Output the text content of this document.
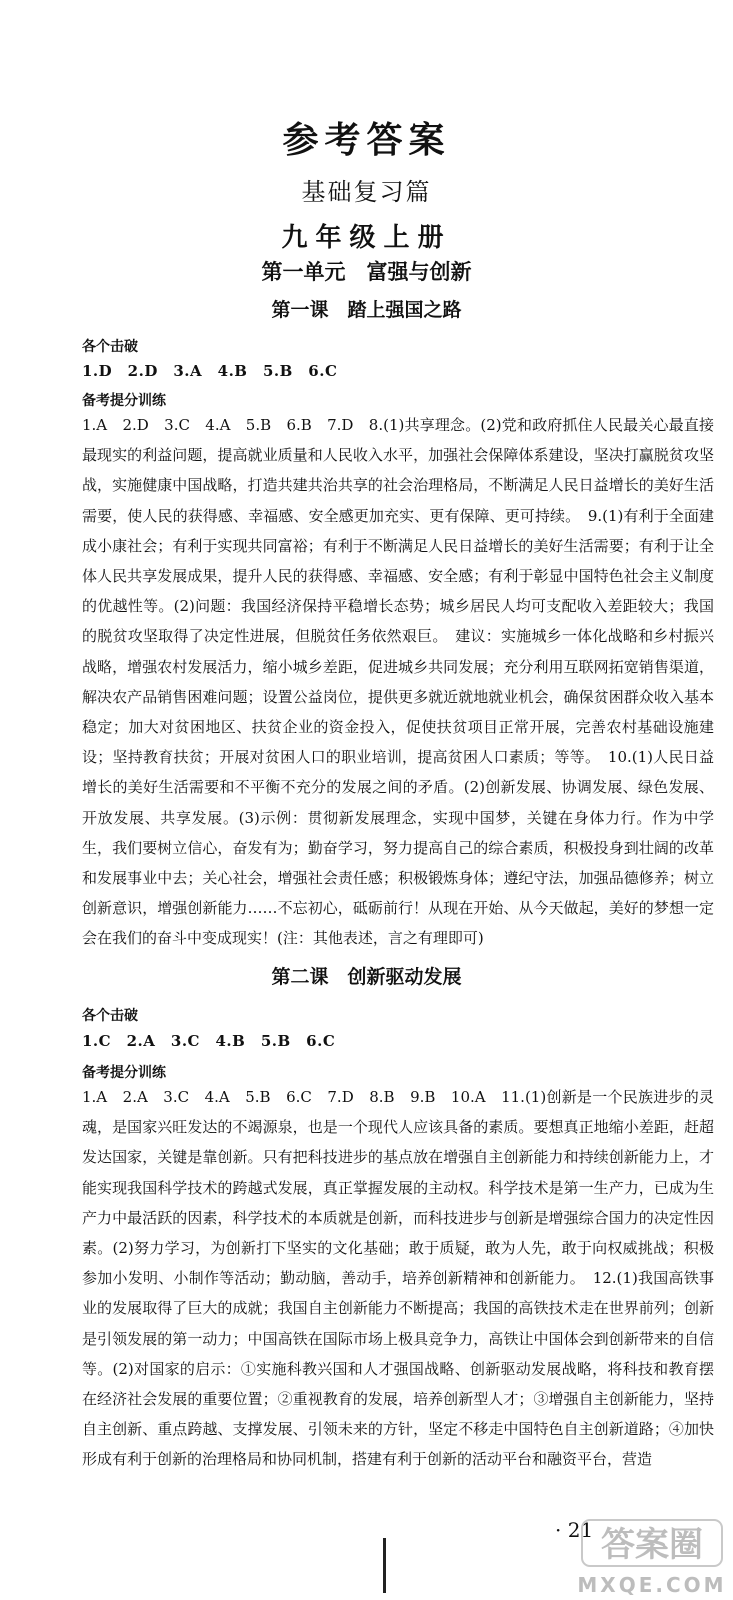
参考答案
基础复习篇
九年级上册
第一单元　富强与创新
第一课　踏上强国之路
各个击破
1.D　2.D　3.A　4.B　5.B　6.C
备考提分训练
1.A　2.D　3.C　4.A　5.B　6.B　7.D　8.(1)共享理念。(2)党和政府抓住人民最关心最直接最现实的利益问题，提高就业质量和人民收入水平，加强社会保障体系建设，坚决打赢脱贫攻坚战，实施健康中国战略，打造共建共治共享的社会治理格局，不断满足人民日益增长的美好生活需要，使人民的获得感、幸福感、安全感更加充实、更有保障、更可持续。　9.(1)有利于全面建成小康社会；有利于实现共同富裕；有利于不断满足人民日益增长的美好生活需要；有利于让全体人民共享发展成果，提升人民的获得感、幸福感、安全感；有利于彰显中国特色社会主义制度的优越性等。(2)问题：我国经济保持平稳增长态势；城乡居民人均可支配收入差距较大；我国的脱贫攻坚取得了决定性进展，但脱贫任务依然艰巨。　建议：实施城乡一体化战略和乡村振兴战略，增强农村发展活力，缩小城乡差距，促进城乡共同发展；充分利用互联网拓宽销售渠道，解决农产品销售困难问题；设置公益岗位，提供更多就近就地就业机会，确保贫困群众收入基本稳定；加大对贫困地区、扶贫企业的资金投入，促使扶贫项目正常开展，完善农村基础设施建设；坚持教育扶贫；开展对贫困人口的职业培训，提高贫困人口素质；等等。　10.(1)人民日益增长的美好生活需要和不平衡不充分的发展之间的矛盾。(2)创新发展、协调发展、绿色发展、开放发展、共享发展。(3)示例：贯彻新发展理念，实现中国梦，关键在身体力行。作为中学生，我们要树立信心，奋发有为；勤奋学习，努力提高自己的综合素质，积极投身到壮阔的改革和发展事业中去；关心社会，增强社会责任感；积极锻炼身体；遵纪守法，加强品德修养；树立创新意识，增强创新能力……不忘初心，砥砺前行！从现在开始、从今天做起，美好的梦想一定会在我们的奋斗中变成现实！(注：其他表述，言之有理即可)
第二课　创新驱动发展
各个击破
1.C　2.A　3.C　4.B　5.B　6.C
备考提分训练
1.A　2.A　3.C　4.A　5.B　6.C　7.D　8.B　9.B　10.A　11.(1)创新是一个民族进步的灵魂，是国家兴旺发达的不竭源泉，也是一个现代人应该具备的素质。要想真正地缩小差距，赶超发达国家，关键是靠创新。只有把科技进步的基点放在增强自主创新能力和持续创新能力上，才能实现我国科学技术的跨越式发展，真正掌握发展的主动权。科学技术是第一生产力，已成为生产力中最活跃的因素，科学技术的本质就是创新，而科技进步与创新是增强综合国力的决定性因素。(2)努力学习，为创新打下坚实的文化基础；敢于质疑，敢为人先，敢于向权威挑战；积极参加小发明、小制作等活动；勤动脑，善动手，培养创新精神和创新能力。　12.(1)我国高铁事业的发展取得了巨大的成就；我国自主创新能力不断提高；我国的高铁技术走在世界前列；创新是引领发展的第一动力；中国高铁在国际市场上极具竞争力，高铁让中国体会到创新带来的自信等。(2)对国家的启示：①实施科教兴国和人才强国战略、创新驱动发展战略，将科技和教育摆在经济社会发展的重要位置；②重视教育的发展，培养创新型人才；③增强自主创新能力，坚持自主创新、重点跨越、支撑发展、引领未来的方针，坚定不移走中国特色自主创新道路；④加快形成有利于创新的治理格局和协同机制，搭建有利于创新的活动平台和融资平台，营造
· 21 答案圈
MXQE.COM
